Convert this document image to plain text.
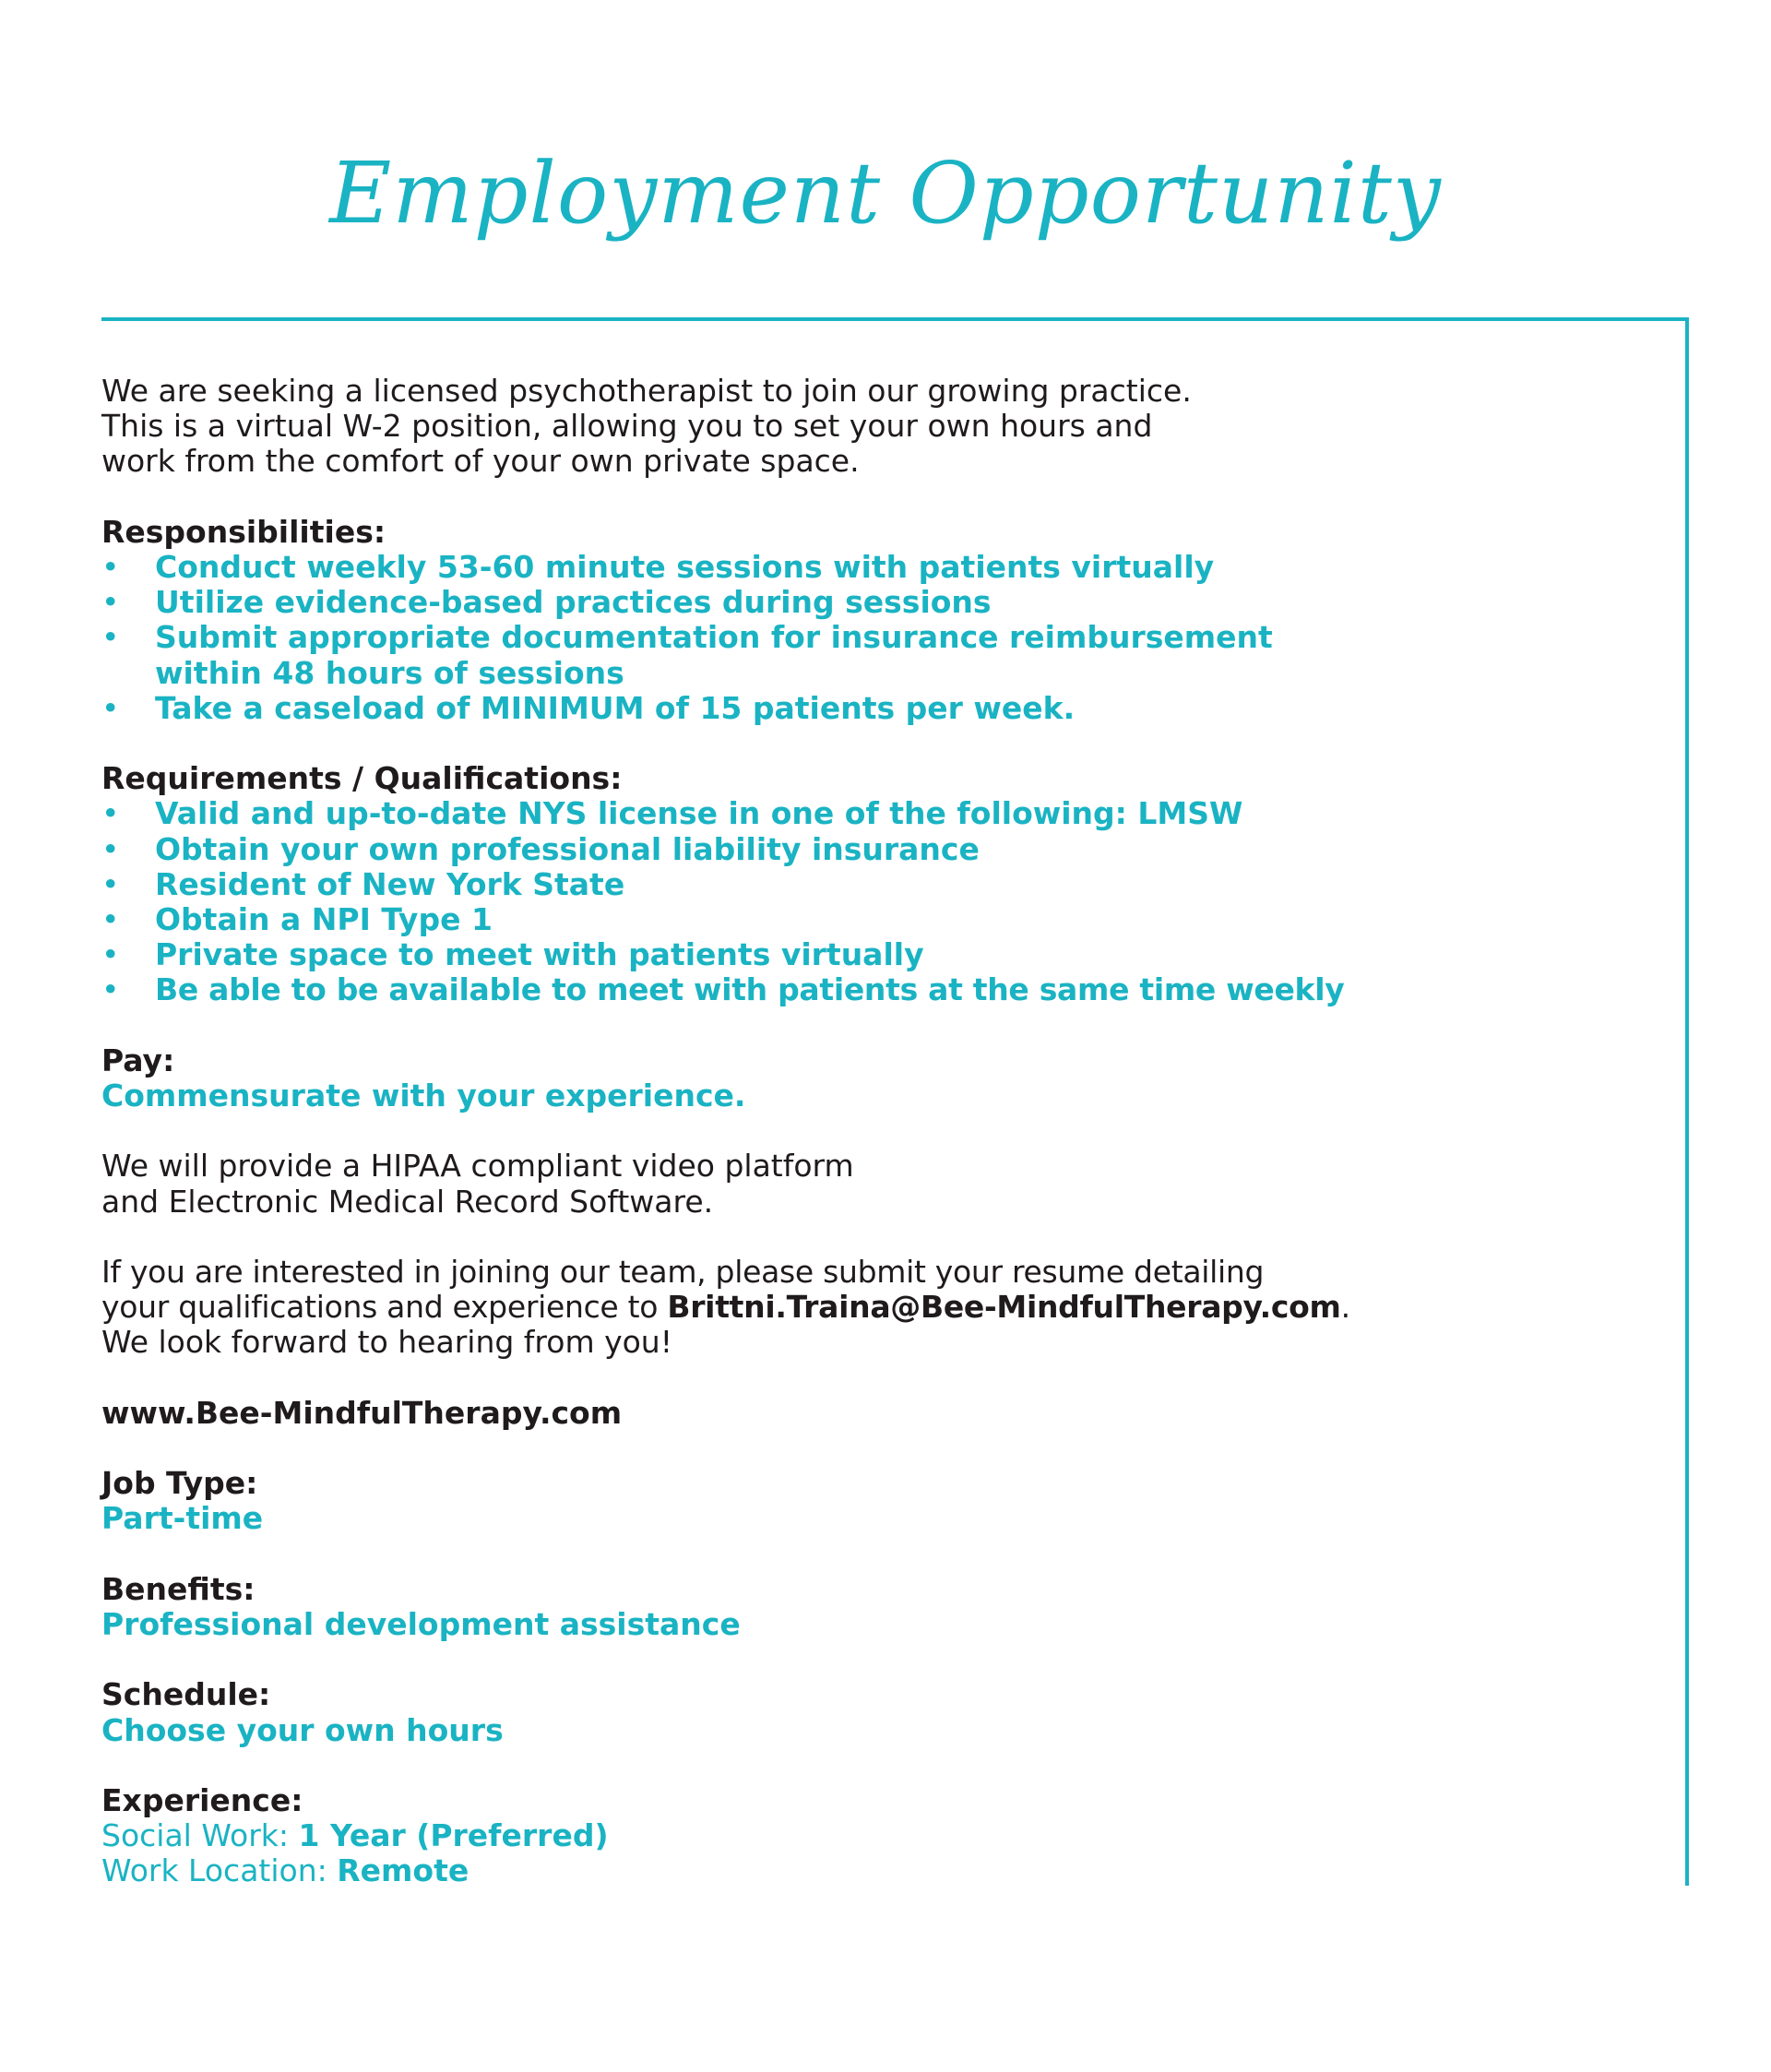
Employment Opportunity

We are seeking a licensed psychotherapist to join our growing practice.

This is a virtual W-2 position, allowing you to set your own hours and

work from the comfort of your own private space.

Responsibilities:

• Conduct weekly 53-60 minute sessions with patients virtually
• Utilize evidence-based practices during sessions
• Submit appropriate documentation for insurance reimbursement
within 48 hours of sessions
• Take a caseload of MINIMUM of 15 patients per week.

Requirements / Qualifications:

• Valid and up-to-date NYS license in one of the following: LMSW
• Obtain your own professional liability insurance
• Resident of New York State
• Obtain a NPI Type 1
• Private space to meet with patients virtually
• Be able to be available to meet with patients at the same time weekly

Pay:

Commensurate with your experience.

We will provide a HIPAA compliant video platform

and Electronic Medical Record Software.

If you are interested in joining our team, please submit your resume detailing

your qualifications and experience to Brittni.Traina@Bee-MindfulTherapy.com.

We look forward to hearing from you!

www.Bee-MindfulTherapy.com

Job Type:

Part-time

Benefits:

Professional development assistance

Schedule:

Choose your own hours

Experience:

Social Work: 1 Year (Preferred)

Work Location: Remote
